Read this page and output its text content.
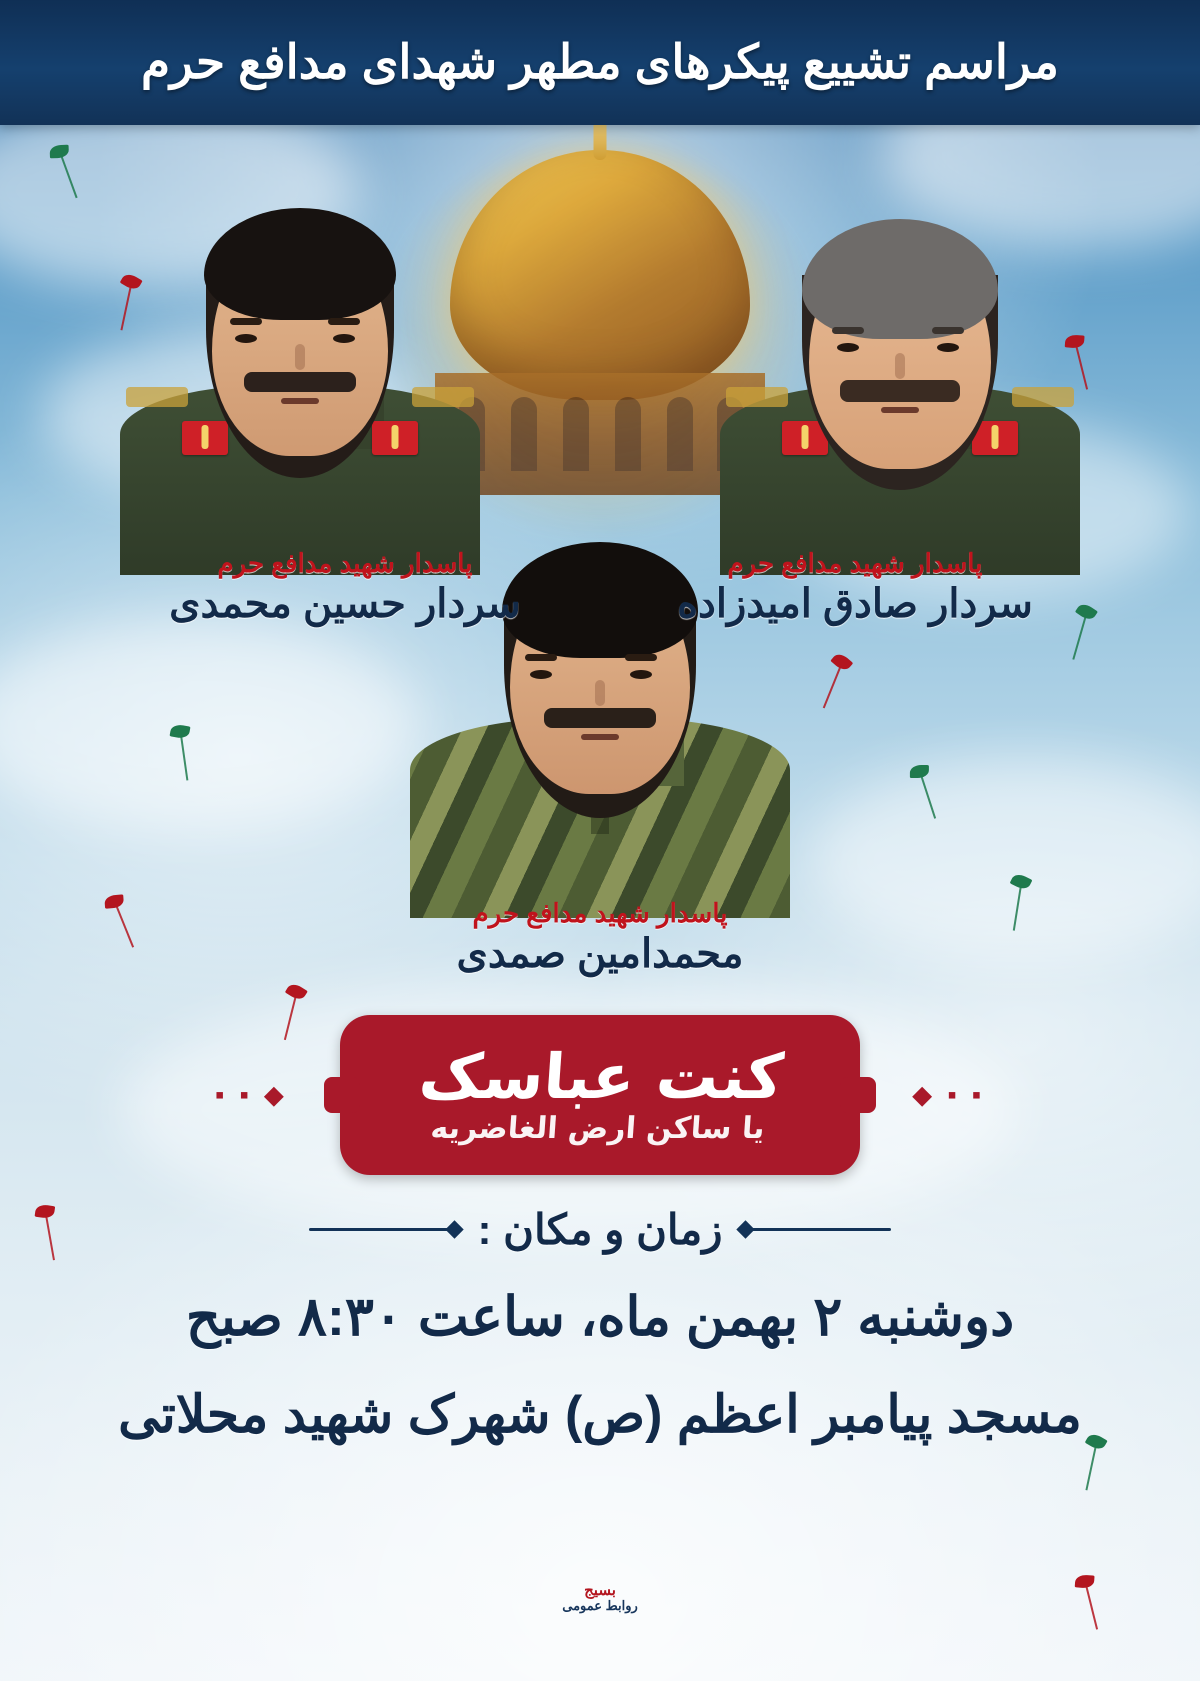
مراسم تشییع پیکرهای مطهر شهدای مدافع حرم
پاسدار شهید مدافع حرم
سردار حسین محمدی
پاسدار شهید مدافع حرم
سردار صادق امیدزاده
پاسدار شهید مدافع حرم
محمدامین صمدی
◆ ▪ ▪	▪ ▪ ◆
کنت عباسک
یا ساکن ارض الغاضریه
زمان و مکان :
دوشنبه ۲ بهمن ماه، ساعت ۸:۳۰ صبح
مسجد پیامبر اعظم (ص) شهرک شهید محلاتی
بسیج
روابط عمومی
